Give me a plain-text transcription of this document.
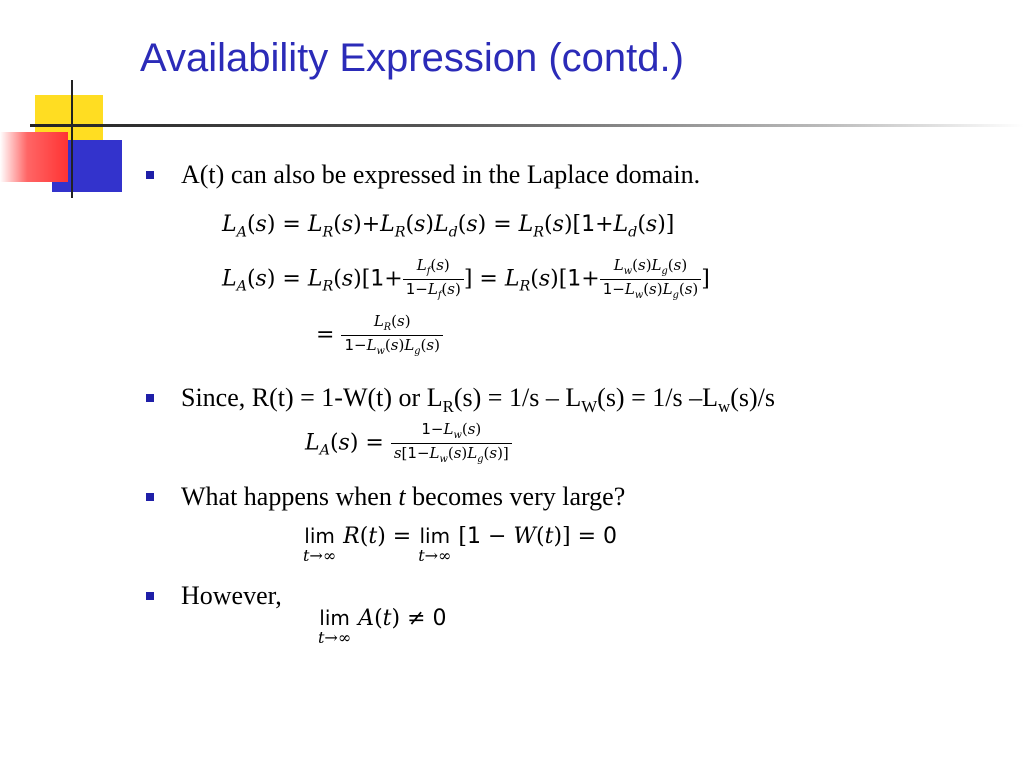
Availability Expression (contd.)
A(t) can also be expressed in the Laplace domain.
$L_A(s) = L_R(s)+L_R(s)L_d(s) = L_R(s)[1+L_d(s)]$
$L_A(s) = L_R(s)[1+ \frac{L_f(s)}{1-L_f(s)}$ ] = $L_R(s)[1+ \frac{L_w(s)L_g(s)}{1-L_w(s)L_g(s)}$ ]
= $\frac{L_R(s)}{1-L_w(s)L_g(s)}$
Since, R(t) = 1-W(t) or $L_R(s) = 1/s - L_W(s) = 1/s$ $-L_w(s)/s$
$L_A(s) = \frac{1-L_w(s)}{s[1-L_w(s)L_g(s)]}$
What happens when t becomes very large?
lim
t→∞
R(t) = lim
t→∞
[1 − W(t)] = 0
However,
lim
t→∞
A(t) ≠ 0
